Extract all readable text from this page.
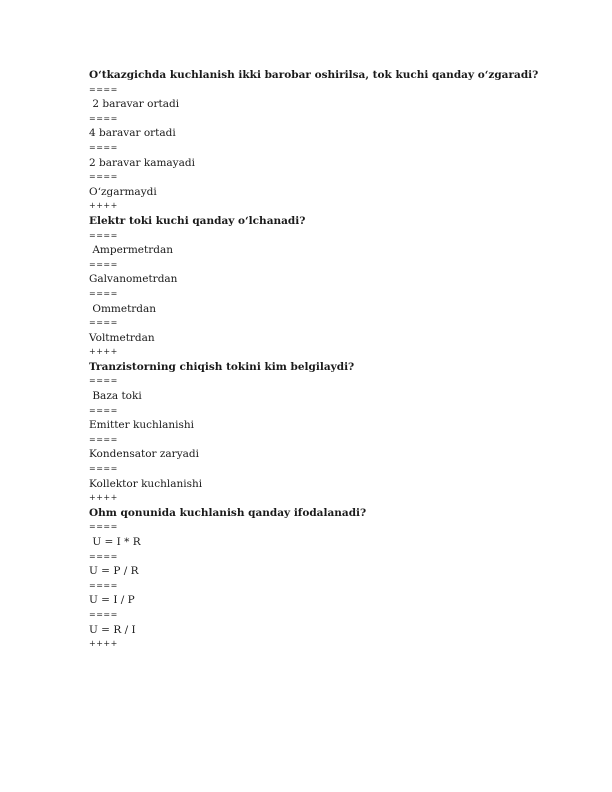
O‘tkazgichda kuchlanish ikki barobar oshirilsa, tok kuchi qanday o‘zgaradi?
====
2 baravar ortadi
====
4 baravar ortadi
====
2 baravar kamayadi
====
O‘zgarmaydi
++++
Elektr toki kuchi qanday o‘lchanadi?
====
Ampermetrdan
====
Galvanometrdan
====
Ommetrdan
====
Voltmetrdan
++++
Tranzistorning chiqish tokini kim belgilaydi?
====
Baza toki
====
Emitter kuchlanishi
====
Kondensator zaryadi
====
Kollektor kuchlanishi
++++
Ohm qonunida kuchlanish qanday ifodalanadi?
====
U = I * R
====
U = P / R
====
U = I / P
====
U = R / I
++++
